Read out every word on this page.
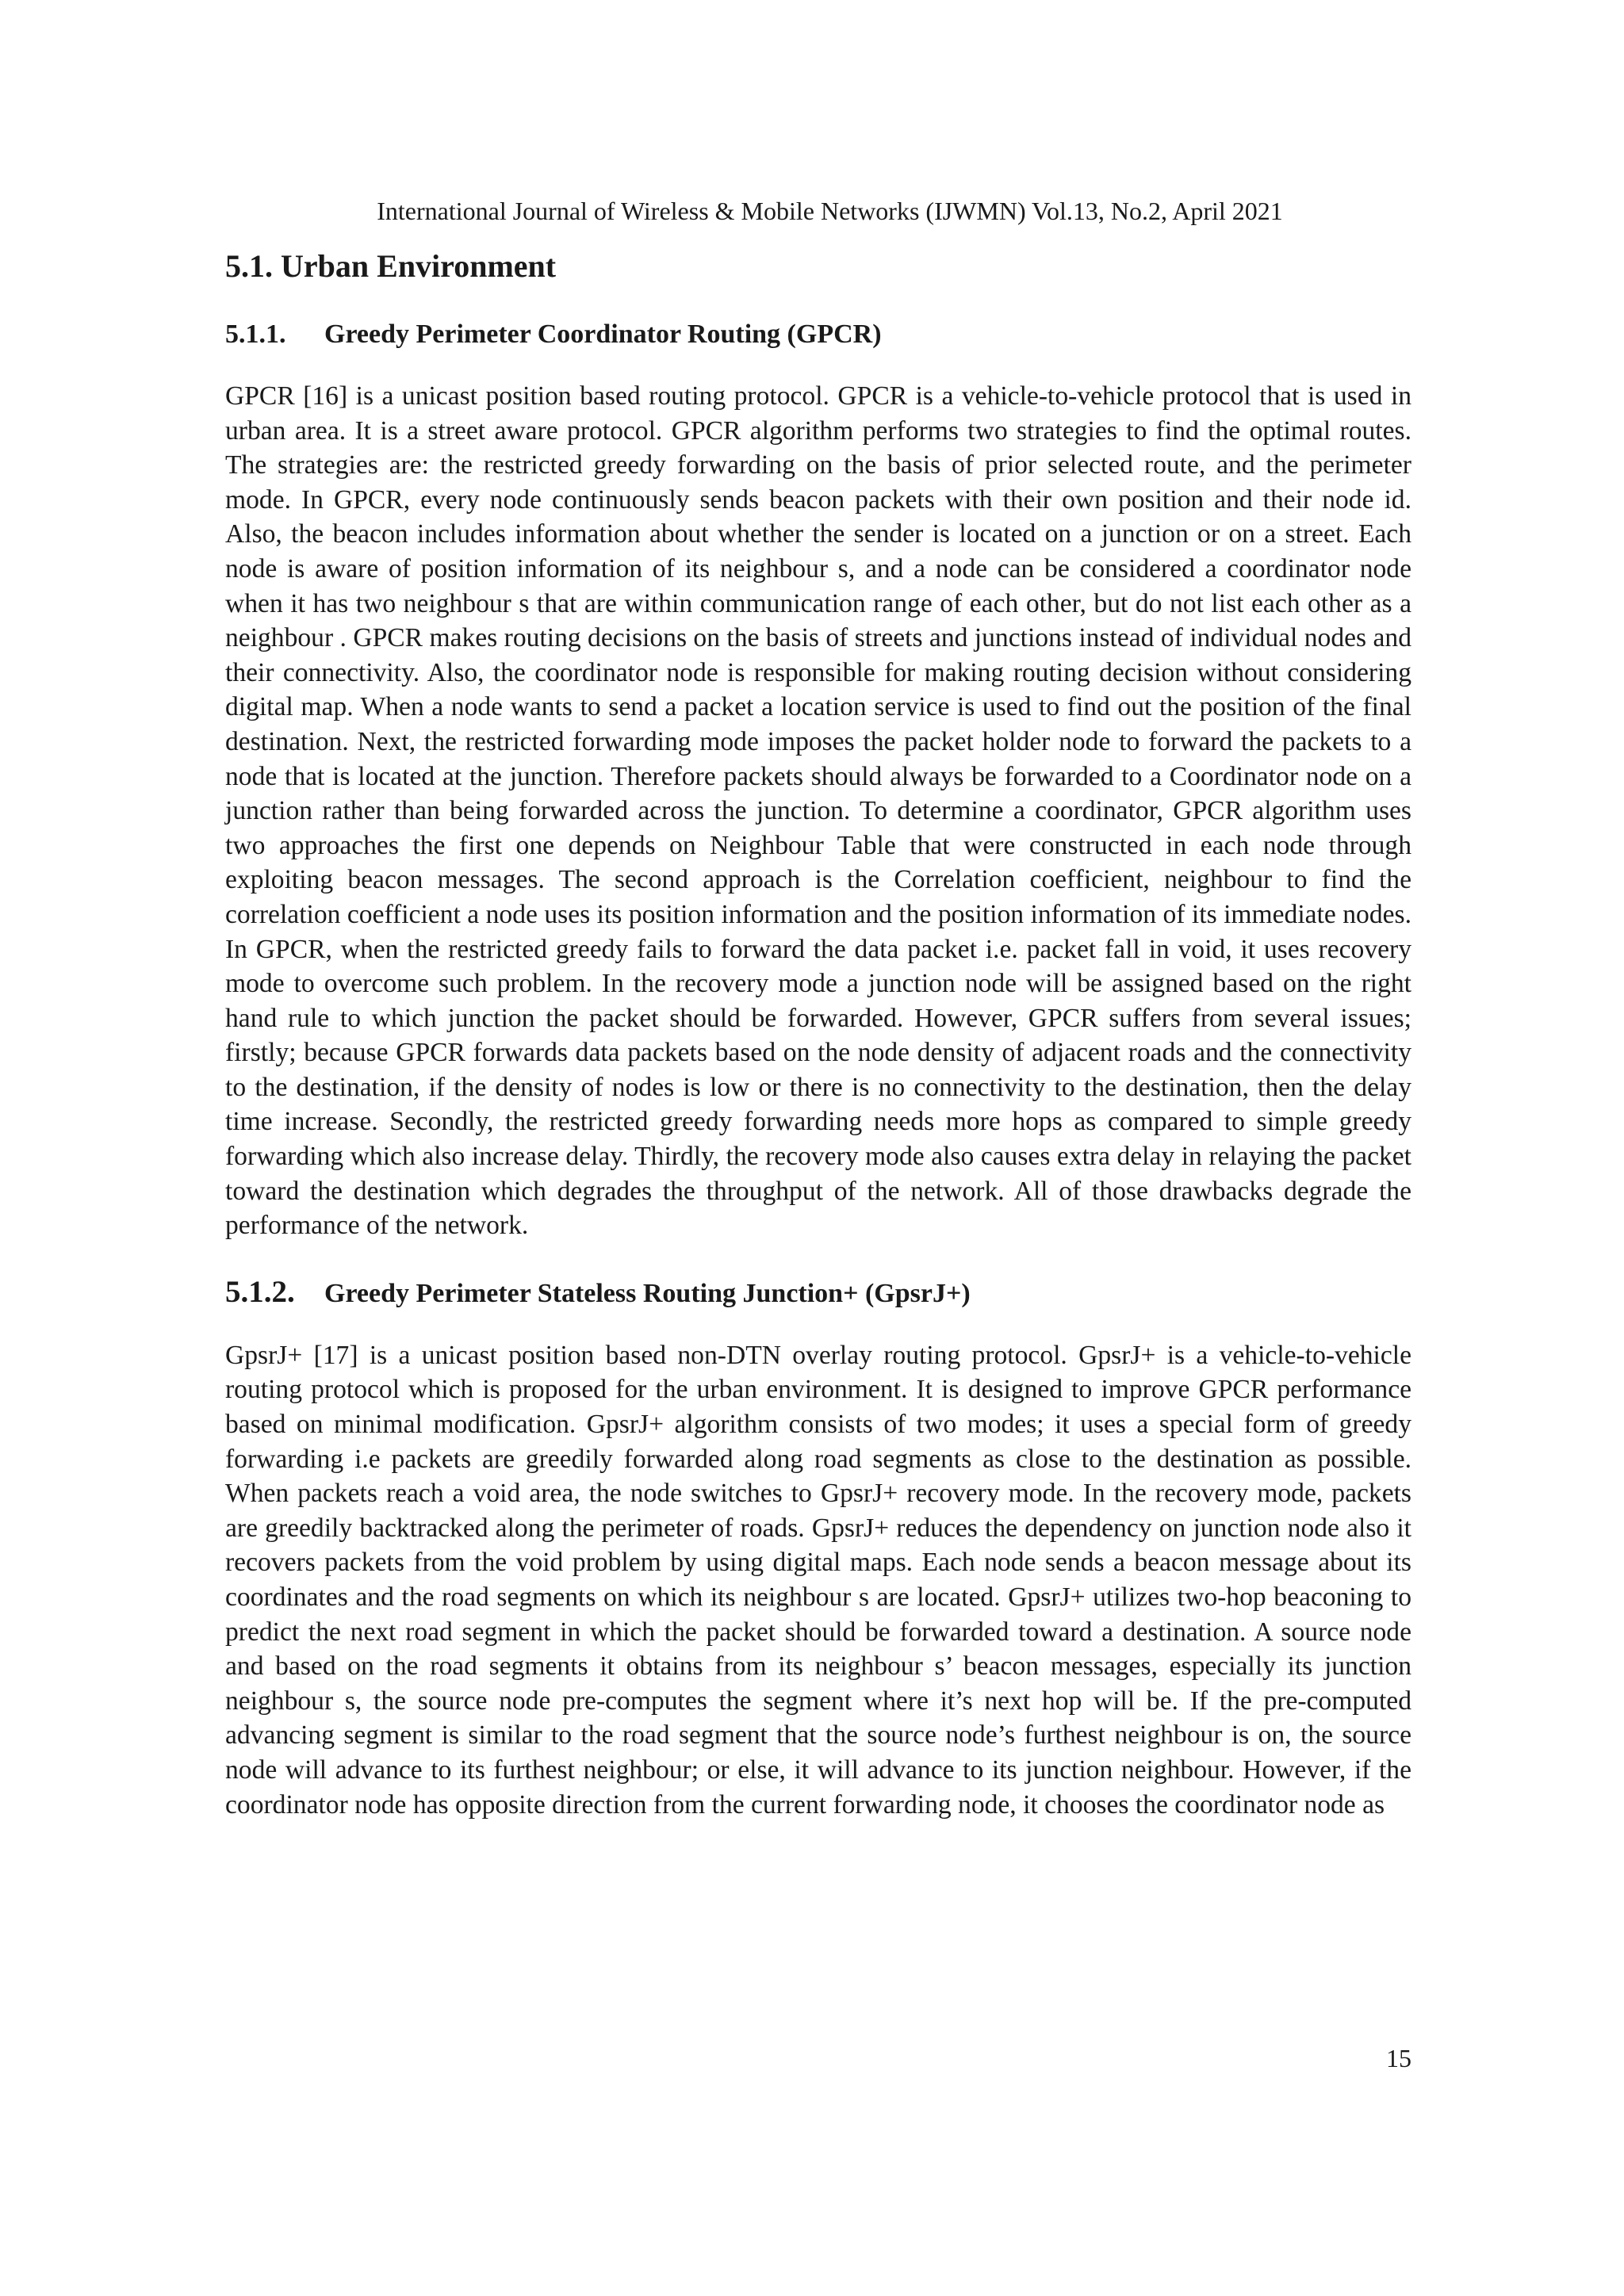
International Journal of Wireless & Mobile Networks (IJWMN) Vol.13, No.2, April 2021
5.1. Urban Environment
5.1.1. Greedy Perimeter Coordinator Routing (GPCR)

GPCR [16] is a unicast position based routing protocol. GPCR is a vehicle-to-vehicle protocol that is used in urban area. It is a street aware protocol. GPCR algorithm performs two strategies to find the optimal routes. The strategies are: the restricted greedy forwarding on the basis of prior selected route, and the perimeter mode. In GPCR, every node continuously sends beacon packets with their own position and their node id. Also, the beacon includes information about whether the sender is located on a junction or on a street. Each node is aware of position information of its neighbour s, and a node can be considered a coordinator node when it has two neighbour s that are within communication range of each other, but do not list each other as a neighbour . GPCR makes routing decisions on the basis of streets and junctions instead of individual nodes and their connectivity. Also, the coordinator node is responsible for making routing decision without considering digital map. When a node wants to send a packet a location service is used to find out the position of the final destination. Next, the restricted forwarding mode imposes the packet holder node to forward the packets to a node that is located at the junction. Therefore packets should always be forwarded to a Coordinator node on a junction rather than being forwarded across the junction. To determine a coordinator, GPCR algorithm uses two approaches the first one depends on Neighbour Table that were constructed in each node through exploiting beacon messages. The second approach is the Correlation coefficient, neighbour to find the correlation coefficient a node uses its position information and the position information of its immediate nodes. In GPCR, when the restricted greedy fails to forward the data packet i.e. packet fall in void, it uses recovery mode to overcome such problem. In the recovery mode a junction node will be assigned based on the right hand rule to which junction the packet should be forwarded. However, GPCR suffers from several issues; firstly; because GPCR forwards data packets based on the node density of adjacent roads and the connectivity to the destination, if the density of nodes is low or there is no connectivity to the destination, then the delay time increase. Secondly, the restricted greedy forwarding needs more hops as compared to simple greedy forwarding which also increase delay. Thirdly, the recovery mode also causes extra delay in relaying the packet toward the destination which degrades the throughput of the network. All of those drawbacks degrade the performance of the network.

5.1.2. Greedy Perimeter Stateless Routing Junction+ (GpsrJ+)

GpsrJ+ [17] is a unicast position based non-DTN overlay routing protocol. GpsrJ+ is a vehicle-to-vehicle routing protocol which is proposed for the urban environment. It is designed to improve GPCR performance based on minimal modification. GpsrJ+ algorithm consists of two modes; it uses a special form of greedy forwarding i.e packets are greedily forwarded along road segments as close to the destination as possible. When packets reach a void area, the node switches to GpsrJ+ recovery mode. In the recovery mode, packets are greedily backtracked along the perimeter of roads. GpsrJ+ reduces the dependency on junction node also it recovers packets from the void problem by using digital maps. Each node sends a beacon message about its coordinates and the road segments on which its neighbour s are located. GpsrJ+ utilizes two-hop beaconing to predict the next road segment in which the packet should be forwarded toward a destination. A source node and based on the road segments it obtains from its neighbour s’ beacon messages, especially its junction neighbour s, the source node pre-computes the segment where it’s next hop will be. If the pre-computed advancing segment is similar to the road segment that the source node’s furthest neighbour is on, the source node will advance to its furthest neighbour; or else, it will advance to its junction neighbour. However, if the coordinator node has opposite direction from the current forwarding node, it chooses the coordinator node as

15
